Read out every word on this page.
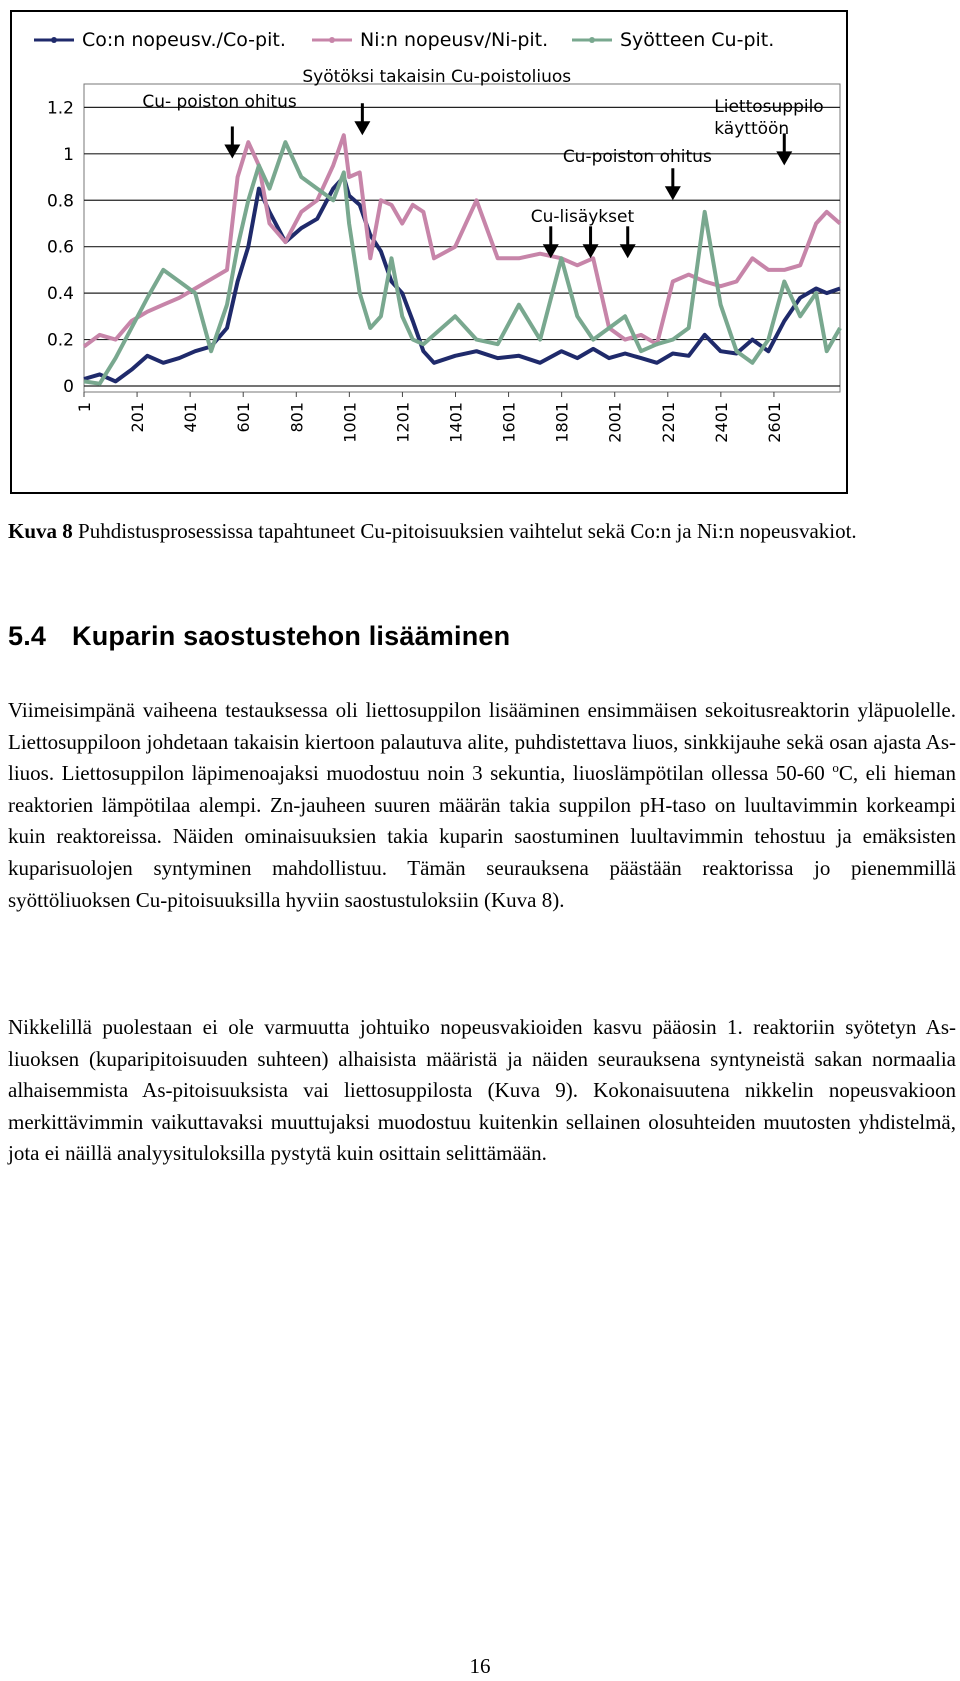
0
0.2
0.4
0.6
0.8
1
1.2
1 201 401 601 801 1001 1201 1401 1601 1801 2001 2201 2401 2601
Co:n nopeusv./Co-pit.	Ni:n nopeusv/Ni-pit.	Syötteen Cu-pit.
Cu- poiston ohitus
Syötöksi takaisin Cu-poistoliuos
Cu-lisäykset
Cu-poiston ohitus
Liettosuppilo
käyttöön
Kuva 8 Puhdistusprosessissa tapahtuneet Cu-pitoisuuksien vaihtelut sekä Co:n ja Ni:n nopeusvakiot.
5.4 Kuparin saostustehon lisääminen
Viimeisimpänä vaiheena testauksessa oli liettosuppilon lisääminen ensimmäisen sekoitusreaktorin yläpuolelle. Liettosuppiloon johdetaan takaisin kiertoon palautuva alite, puhdistettava liuos, sinkkijauhe sekä osan ajasta As-liuos. Liettosuppilon läpimenoajaksi muodostuu noin 3 sekuntia, liuoslämpötilan ollessa 50-60 $^o$C, eli hieman reaktorien lämpötilaa alempi. Zn-jauheen suuren määrän takia suppilon pH-taso on luultavimmin korkeampi kuin reaktoreissa. Näiden ominaisuuksien takia kuparin saostuminen luultavimmin tehostuu ja emäksisten kuparisuolojen syntyminen mahdollistuu. Tämän seurauksena päästään reaktorissa jo pienemmillä syöttöliuoksen Cu-pitoisuuksilla hyviin saostustuloksiin (Kuva 8).
Nikkelillä puolestaan ei ole varmuutta johtuiko nopeusvakioiden kasvu pääosin 1. reaktoriin syötetyn As-liuoksen (kuparipitoisuuden suhteen) alhaisista määristä ja näiden seurauksena syntyneistä sakan normaalia alhaisemmista As-pitoisuuksista vai liettosuppilosta (Kuva 9). Kokonaisuutena nikkelin nopeusvakioon merkittävimmin vaikuttavaksi muuttujaksi muodostuu kuitenkin sellainen olosuhteiden muutosten yhdistelmä, jota ei näillä analyysituloksilla pystytä kuin osittain selittämään.
16
